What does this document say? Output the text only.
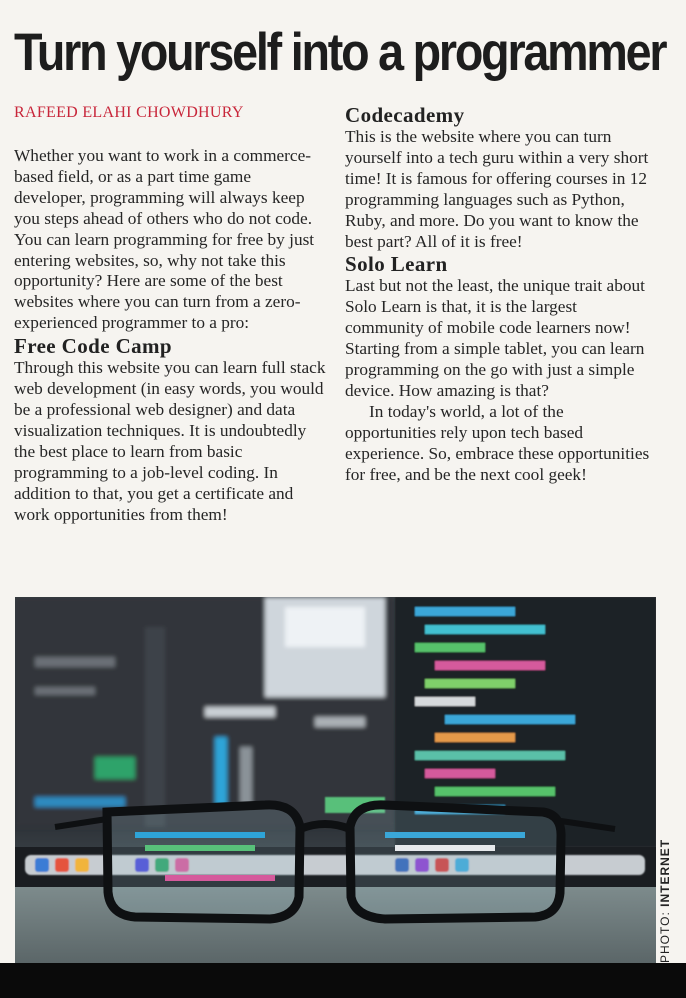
Turn yourself into a programmer
RAFEED ELAHI CHOWDHURY

Whether you want to work in a commerce-based field, or as a part time game developer, programming will always keep you steps ahead of others who do not code. You can learn programming for free by just entering websites, so, why not take this opportunity? Here are some of the best websites where you can turn from a zero-experienced programmer to a pro:

Free Code Camp

Through this website you can learn full stack web development (in easy words, you would be a professional web designer) and data visualization techniques. It is undoubtedly the best place to learn from basic programming to a job-level coding. In addition to that, you get a certificate and work opportunities from them!

Codecademy

This is the website where you can turn yourself into a tech guru within a very short time! It is famous for offering courses in 12 programming languages such as Python, Ruby, and more. Do you want to know the best part? All of it is free!

Solo Learn

Last but not the least, the unique trait about Solo Learn is that, it is the largest community of mobile code learners now! Starting from a simple tablet, you can learn programming on the go with just a simple device. How amazing is that?

In today's world, a lot of the opportunities rely upon tech based experience. So, embrace these opportunities for free, and be the next cool geek!

PHOTO: INTERNET
